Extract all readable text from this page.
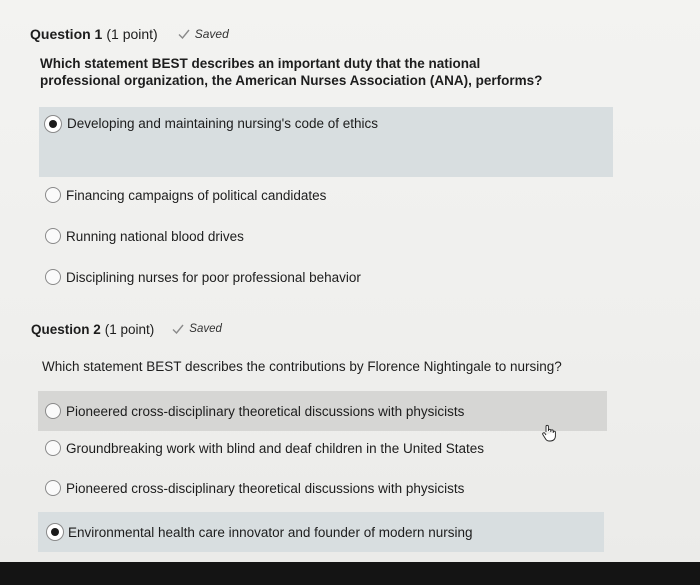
Question 1 (1 point)	Saved
Which statement BEST describes an important duty that the national professional organization, the American Nurses Association (ANA), performs?
Developing and maintaining nursing's code of ethics
Financing campaigns of political candidates
Running national blood drives
Disciplining nurses for poor professional behavior
Question 2 (1 point)	Saved
Which statement BEST describes the contributions by Florence Nightingale to nursing?
Pioneered cross-disciplinary theoretical discussions with physicists
Groundbreaking work with blind and deaf children in the United States
Pioneered cross-disciplinary theoretical discussions with physicists
Environmental health care innovator and founder of modern nursing
